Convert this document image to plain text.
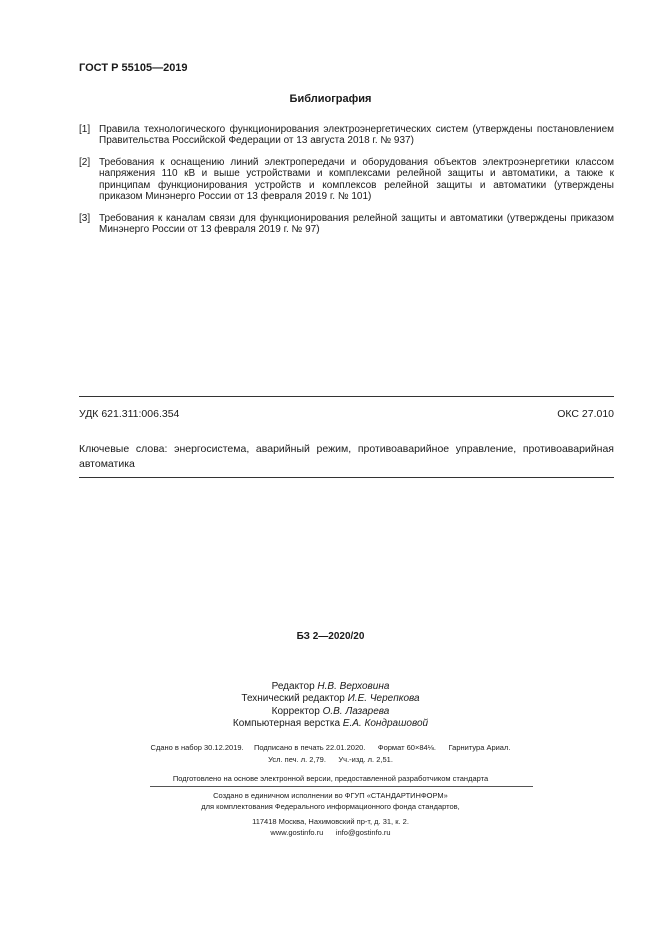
ГОСТ Р 55105—2019
Библиография
[1] Правила технологического функционирования электроэнергетических систем (утверждены постановлением Правительства Российской Федерации от 13 августа 2018 г. № 937)
[2] Требования к оснащению линий электропередачи и оборудования объектов электроэнергетики классом напряжения 110 кВ и выше устройствами и комплексами релейной защиты и автоматики, а также к принципам функционирования устройств и комплексов релейной защиты и автоматики (утверждены приказом Минэнерго России от 13 февраля 2019 г. № 101)
[3] Требования к каналам связи для функционирования релейной защиты и автоматики (утверждены приказом Минэнерго России от 13 февраля 2019 г. № 97)
УДК 621.311:006.354	ОКС 27.010
Ключевые слова: энергосистема, аварийный режим, противоаварийное управление, противоаварийная автоматика
БЗ 2—2020/20
Редактор Н.В. Верховина
Технический редактор И.Е. Черепкова
Корректор О.В. Лазарева
Компьютерная верстка Е.А. Кондрашовой
Сдано в набор 30.12.2019.     Подписано в печать 22.01.2020.      Формат 60×84⅛.      Гарнитура Ариал.
Усл. печ. л. 2,79.      Уч.-изд. л. 2,51.
Подготовлено на основе электронной версии, предоставленной разработчиком стандарта
Создано в единичном исполнении во ФГУП «СТАНДАРТИНФОРМ»
для комплектования Федерального информационного фонда стандартов,
117418 Москва, Нахимовский пр-т, д. 31, к. 2.
www.gostinfo.ru      info@gostinfo.ru
